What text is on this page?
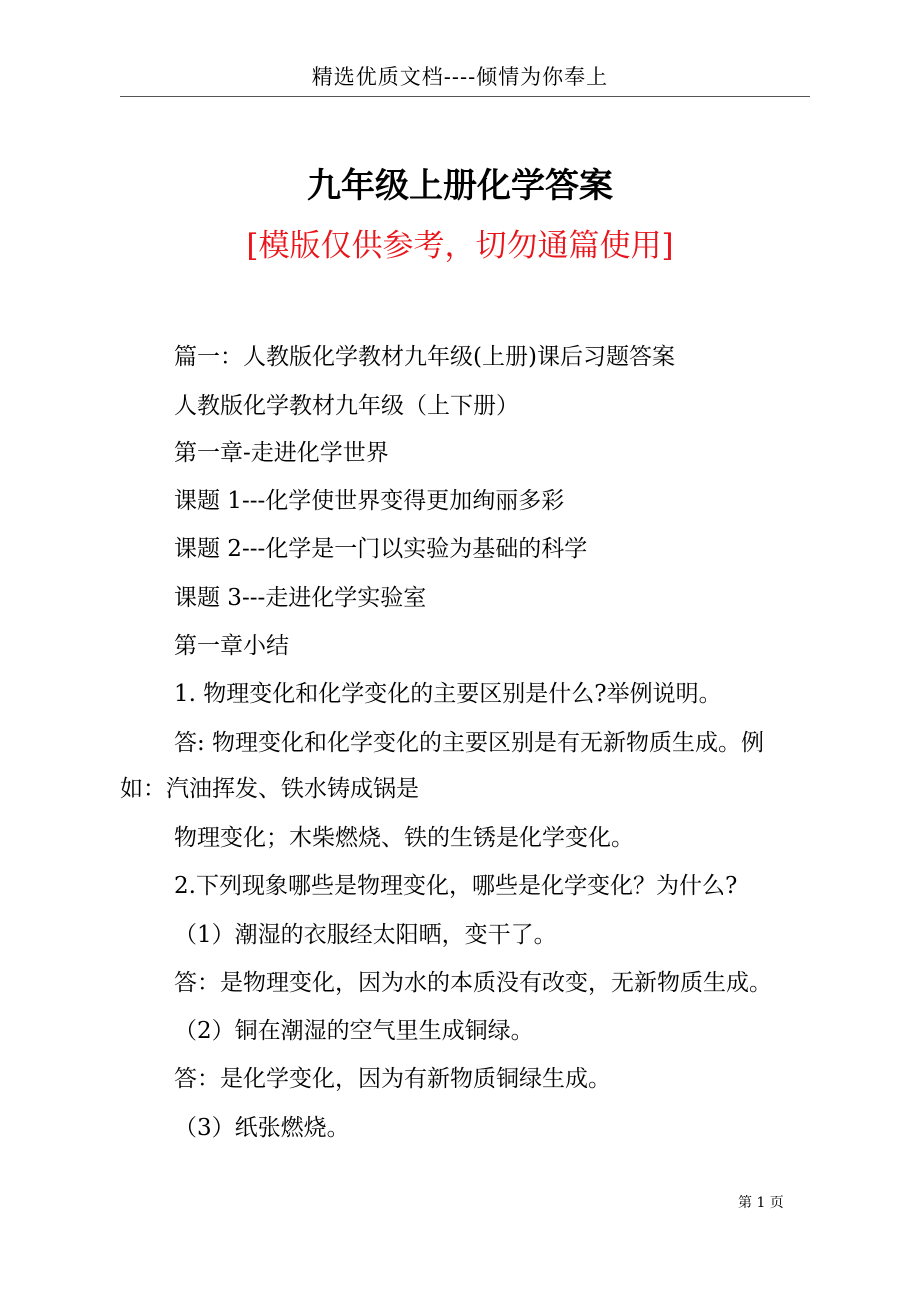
精选优质文档----倾情为你奉上
九年级上册化学答案
[模版仅供参考，切勿通篇使用]
篇一：人教版化学教材九年级(上册)课后习题答案
人教版化学教材九年级（上下册）
第一章-走进化学世界
课题 1---化学使世界变得更加绚丽多彩
课题 2---化学是一门以实验为基础的科学
课题 3---走进化学实验室
第一章小结
1. 物理变化和化学变化的主要区别是什么?举例说明。
答: 物理变化和化学变化的主要区别是有无新物质生成。例
如：汽油挥发、铁水铸成锅是
物理变化；木柴燃烧、铁的生锈是化学变化。
2.下列现象哪些是物理变化，哪些是化学变化？为什么?
（1）潮湿的衣服经太阳晒，变干了。
答：是物理变化，因为水的本质没有改变，无新物质生成。
（2）铜在潮湿的空气里生成铜绿。
答：是化学变化，因为有新物质铜绿生成。
（3）纸张燃烧。
第 1 页
